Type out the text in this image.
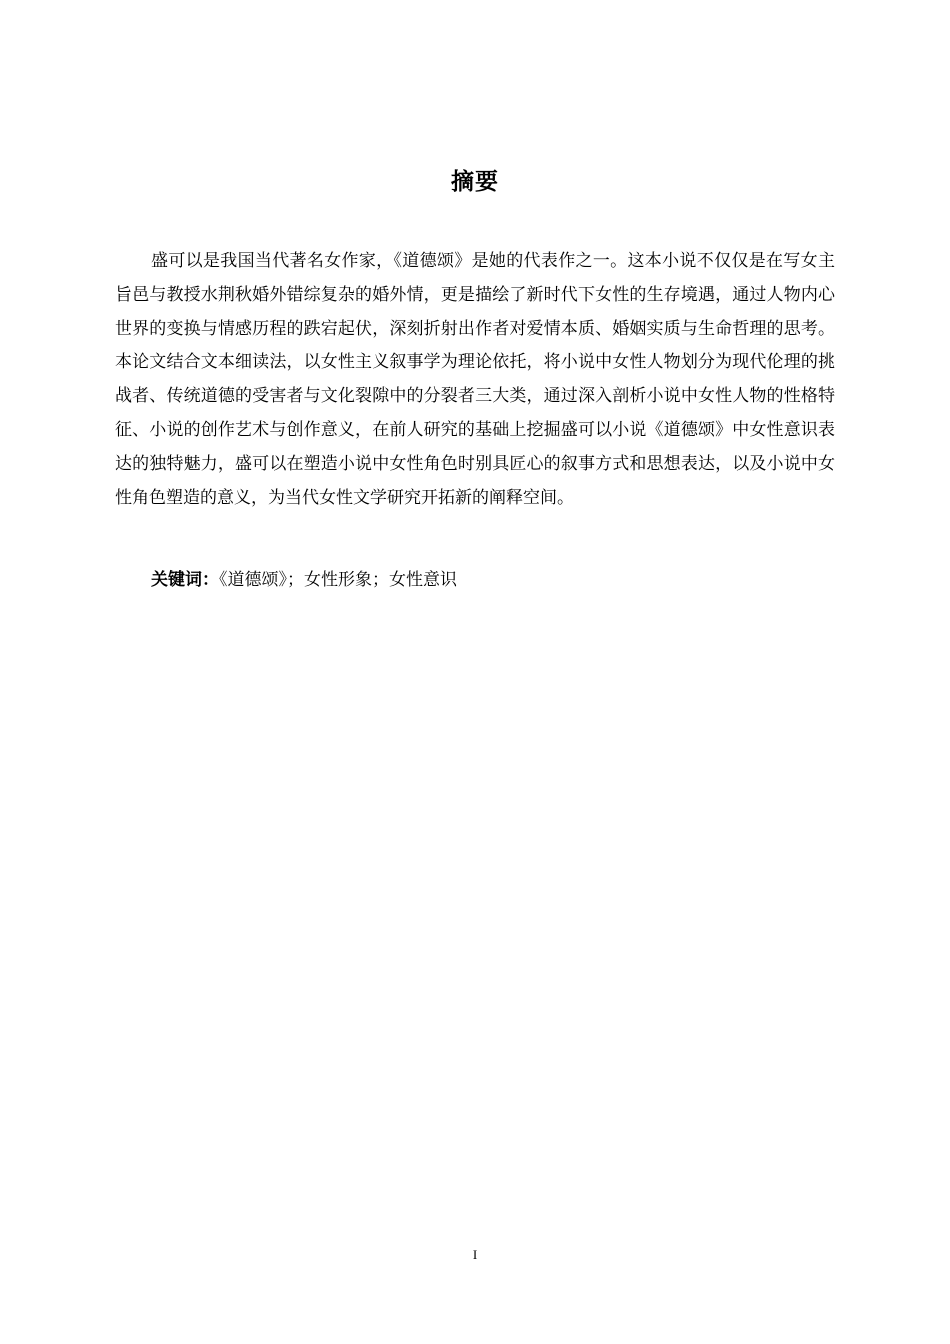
摘要

盛可以是我国当代著名女作家，《道德颂》是她的代表作之一。这本小说不仅仅是在写女主旨邑与教授水荆秋婚外错综复杂的婚外情，更是描绘了新时代下女性的生存境遇，通过人物内心世界的变换与情感历程的跌宕起伏，深刻折射出作者对爱情本质、婚姻实质与生命哲理的思考。本论文结合文本细读法，以女性主义叙事学为理论依托，将小说中女性人物划分为现代伦理的挑战者、传统道德的受害者与文化裂隙中的分裂者三大类，通过深入剖析小说中女性人物的性格特征、小说的创作艺术与创作意义，在前人研究的基础上挖掘盛可以小说《道德颂》中女性意识表达的独特魅力，盛可以在塑造小说中女性角色时别具匠心的叙事方式和思想表达，以及小说中女性角色塑造的意义，为当代女性文学研究开拓新的阐释空间。

关键词：《道德颂》；女性形象；女性意识
I
